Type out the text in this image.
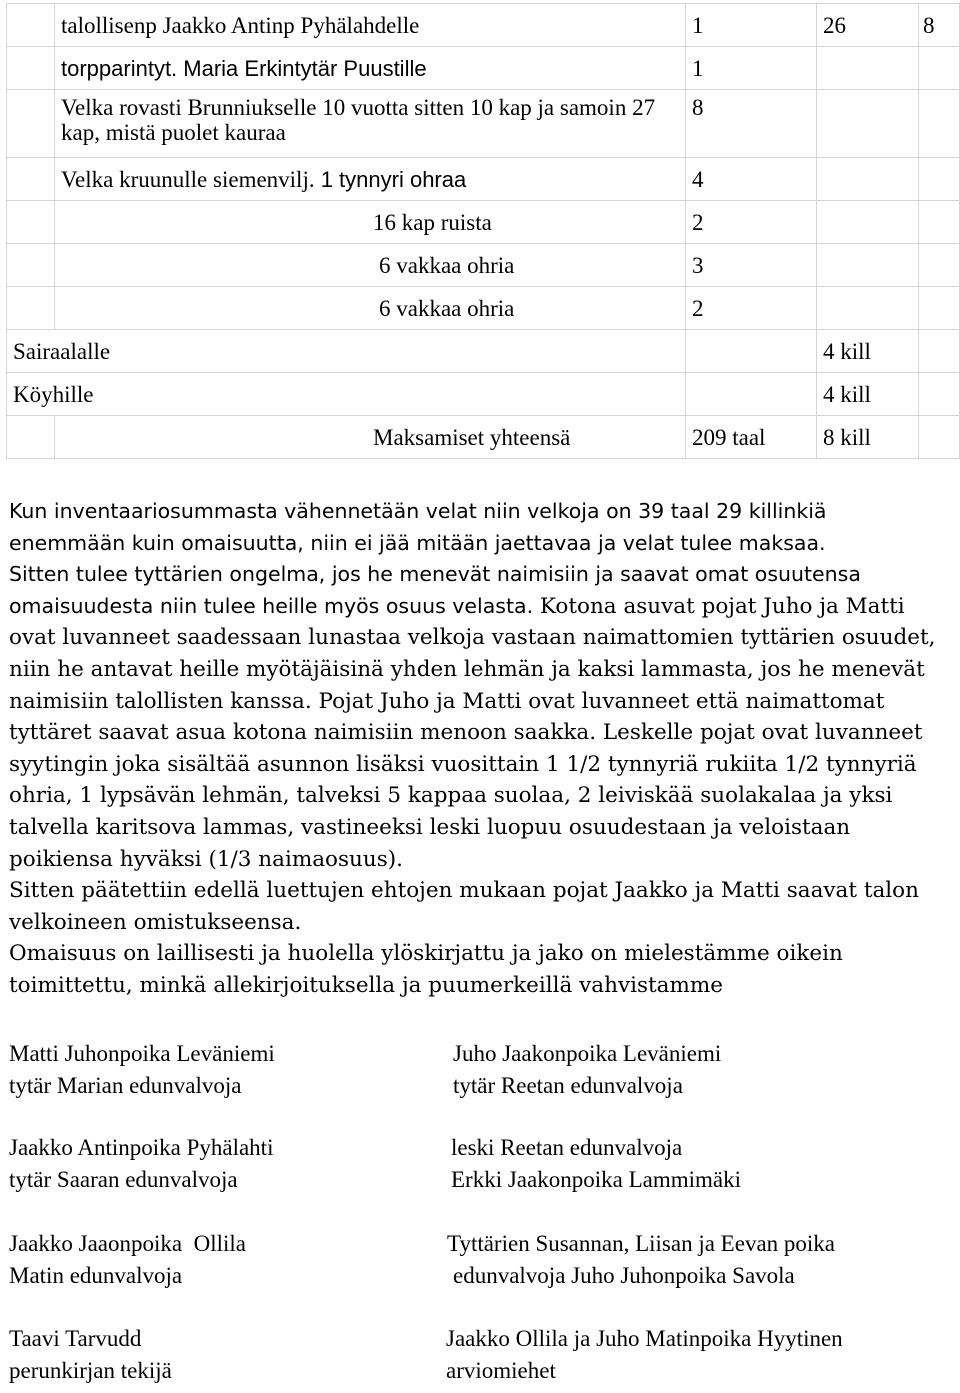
	talollisenp Jaakko Antinp Pyhälahdelle	1	26	8
	torpparintyt. Maria Erkintytär Puustille	1		
	Velka rovasti Brunniukselle 10 vuotta sitten 10 kap ja samoin 27 kap, mistä puolet kauraa	8		
	Velka kruunulle siemenvilj. 1 tynnyri ohraa	4		
	16 kap ruista	2		
	6 vakkaa ohria	3		
	6 vakkaa ohria	2		
Sairaalalle			4 kill	
Köyhille			4 kill	
	Maksamiset yhteensä	209 taal	8 kill	
Kun inventaariosummasta vähennetään velat niin velkoja on 39 taal 29 killinkiä
enemmään kuin omaisuutta, niin ei jää mitään jaettavaa ja velat tulee maksaa.
Sitten tulee tyttärien ongelma, jos he menevät naimisiin ja saavat omat osuutensa
omaisuudesta niin tulee heille myös osuus velasta. Kotona asuvat pojat Juho ja Matti
ovat luvanneet saadessaan lunastaa velkoja vastaan naimattomien tyttärien osuudet,
niin he antavat heille myötäjäisinä yhden lehmän ja kaksi lammasta, jos he menevät
naimisiin talollisten kanssa. Pojat Juho ja Matti ovat luvanneet että naimattomat
tyttäret saavat asua kotona naimisiin menoon saakka. Leskelle pojat ovat luvanneet
syytingin joka sisältää asunnon lisäksi vuosittain 1 1/2 tynnyriä rukiita 1/2 tynnyriä
ohria, 1 lypsävän lehmän, talveksi 5 kappaa suolaa, 2 leiviskää suolakalaa ja yksi
talvella karitsova lammas, vastineeksi leski luopuu osuudestaan ja veloistaan
poikiensa hyväksi (1/3 naimaosuus).
Sitten päätettiin edellä luettujen ehtojen mukaan pojat Jaakko ja Matti saavat talon
velkoineen omistukseensa.
Omaisuus on laillisesti ja huolella ylöskirjattu ja jako on mielestämme oikein
toimittettu, minkä allekirjoituksella ja puumerkeillä vahvistamme
Matti Juhonpoika Leväniemi
tytär Marian edunvalvoja
Jaakko Antinpoika Pyhälahti
tytär Saaran edunvalvoja
Jaakko Jaaonpoika  Ollila
Matin edunvalvoja
Taavi Tarvudd
perunkirjan tekijä
Juho Jaakonpoika Leväniemi
tytär Reetan edunvalvoja
leski Reetan edunvalvoja
Erkki Jaakonpoika Lammimäki
Tyttärien Susannan, Liisan ja Eevan poika
edunvalvoja Juho Juhonpoika Savola
Jaakko Ollila ja Juho Matinpoika Hyytinen
arviomiehet
